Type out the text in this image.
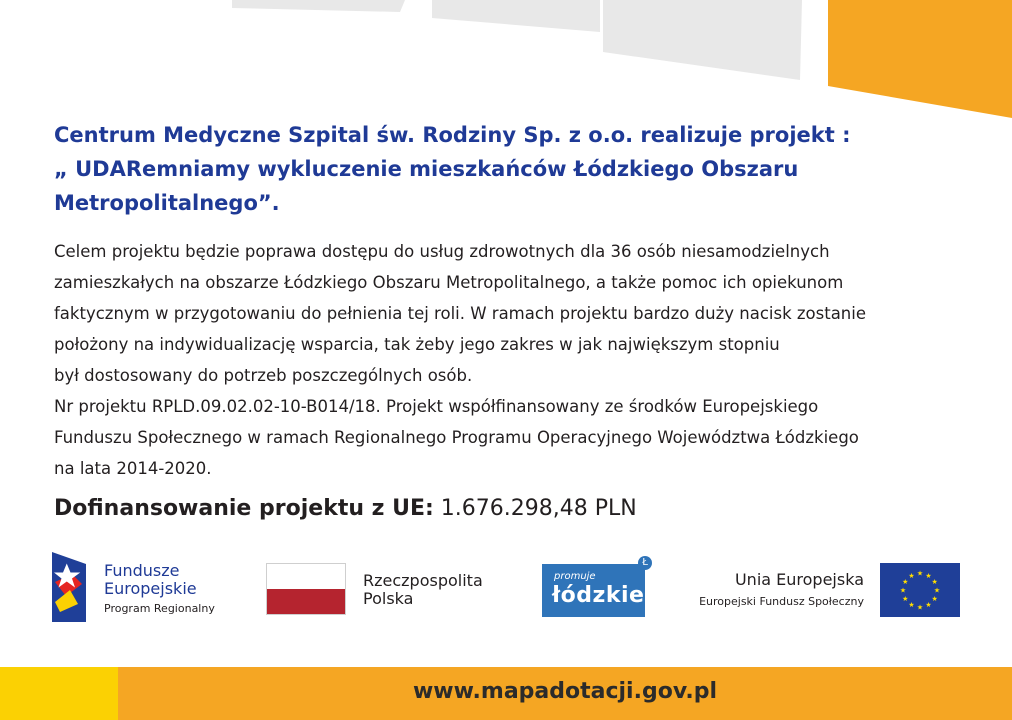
Centrum Medyczne Szpital św. Rodziny Sp. z o.o. realizuje projekt :
„ UDARemniamy wykluczenie mieszkańców Łódzkiego Obszaru
Metropolitalnego”.
Celem projektu będzie poprawa dostępu do usług zdrowotnych dla 36 osób niesamodzielnych
zamieszkałych na obszarze Łódzkiego Obszaru Metropolitalnego, a także pomoc ich opiekunom
faktycznym w przygotowaniu do pełnienia tej roli. W ramach projektu bardzo duży nacisk zostanie
położony na indywidualizację wsparcia, tak żeby jego zakres w jak największym stopniu
był dostosowany do potrzeb poszczególnych osób.
Nr projektu RPLD.09.02.02-10-B014/18. Projekt współfinansowany ze środków Europejskiego
Funduszu Społecznego w ramach Regionalnego Programu Operacyjnego Województwa Łódzkiego
na lata 2014-2020.
Dofinansowanie projektu z UE: 1.676.298,48 PLN
Fundusze
Europejskie
Program Regionalny
Rzeczpospolita
Polska
promuje
łódzkie
Ł
Unia Europejska
Europejski Fundusz Społeczny
★ ★
★
★
★
★
★
★
★
★
★
★
www.mapadotacji.gov.pl
